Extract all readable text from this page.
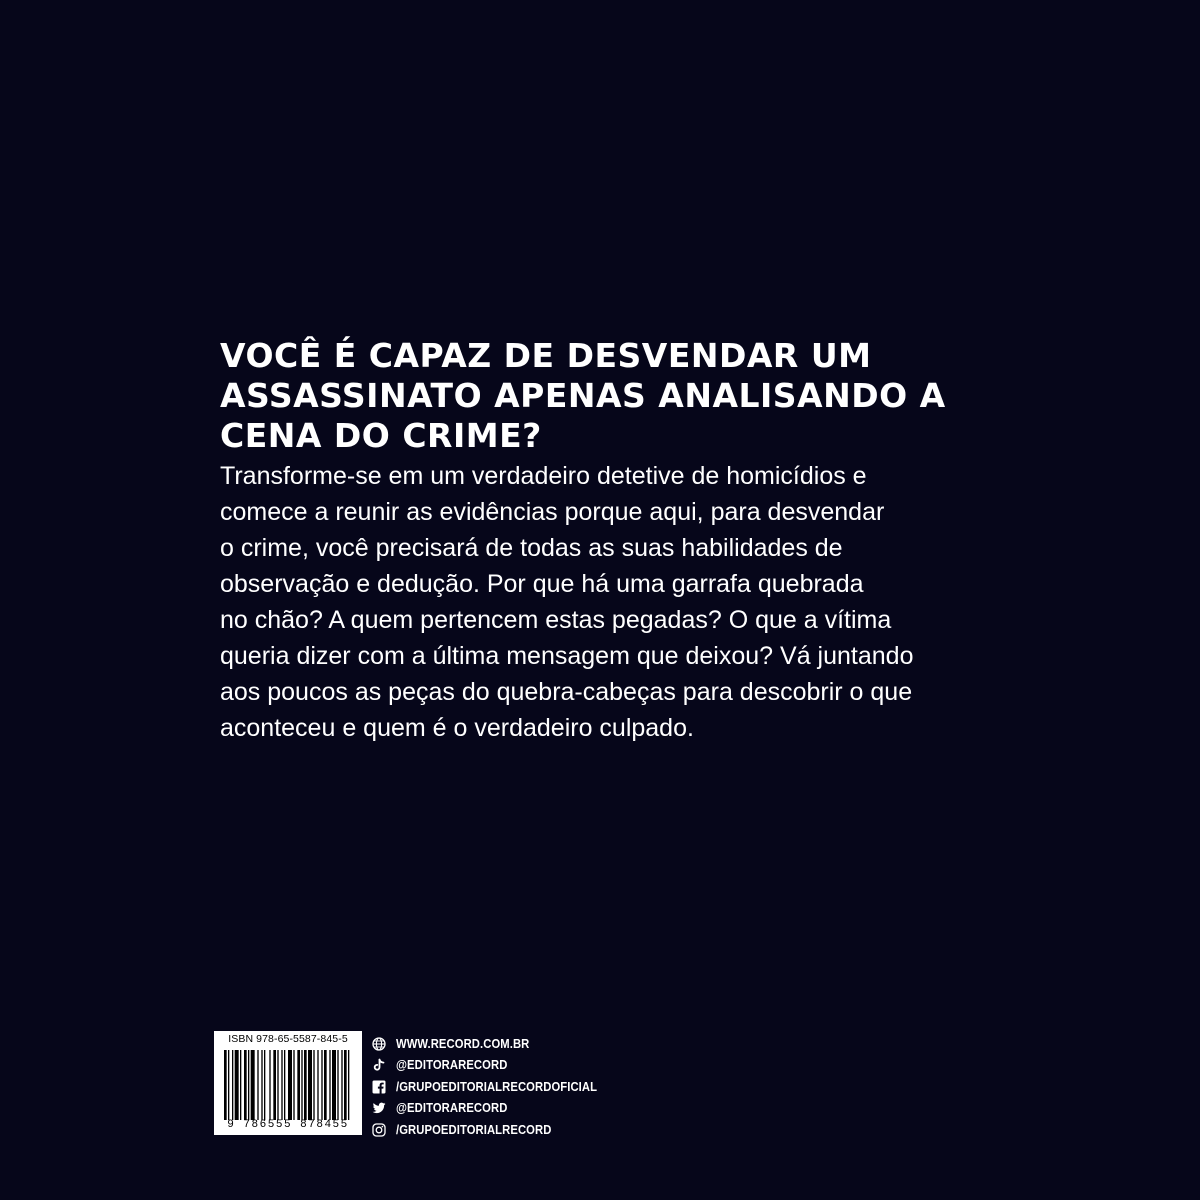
VOCÊ É CAPAZ DE DESVENDAR UM
ASSASSINATO APENAS ANALISANDO A
CENA DO CRIME?

Transforme-se em um verdadeiro detetive de homicídios e
comece a reunir as evidências porque aqui, para desvendar
o crime, você precisará de todas as suas habilidades de
observação e dedução. Por que há uma garrafa quebrada
no chão? A quem pertencem estas pegadas? O que a vítima
queria dizer com a última mensagem que deixou? Vá juntando
aos poucos as peças do quebra-cabeças para descobrir o que
aconteceu e quem é o verdadeiro culpado.

ISBN 978-65-5587-845-5
9 786555 878455
WWW.RECORD.COM.BR
@EDITORARECORD
/GRUPOEDITORIALRECORDOFICIAL
@EDITORARECORD
/GRUPOEDITORIALRECORD
